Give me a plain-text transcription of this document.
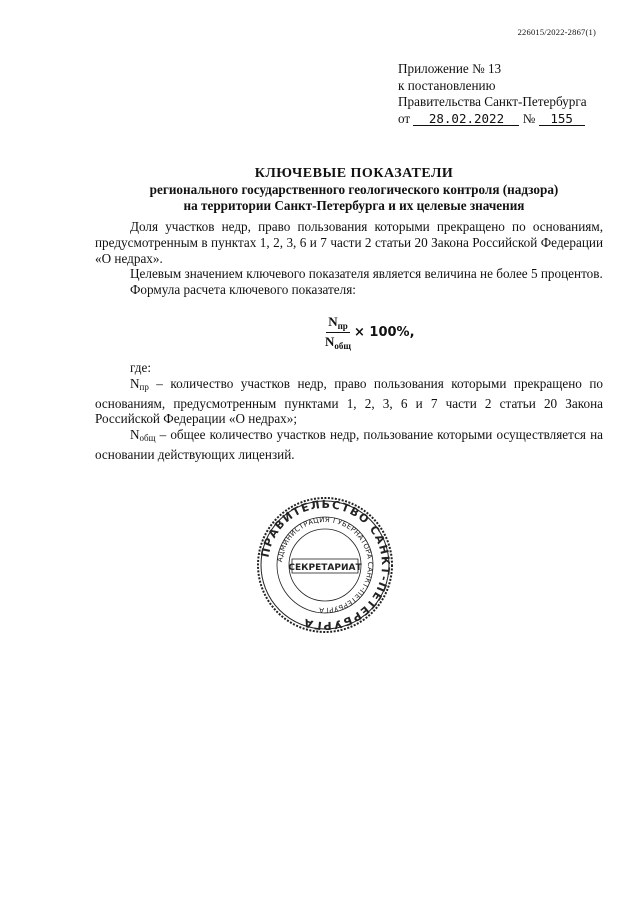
226015/2022-2867(1)
Приложение № 13
к постановлению
Правительства Санкт-Петербурга
от 28.02.2022 № 155
КЛЮЧЕВЫЕ ПОКАЗАТЕЛИ
регионального государственного геологического контроля (надзора)
на территории Санкт-Петербурга и их целевые значения

Доля участков недр, право пользования которыми прекращено по основаниям, предусмотренным в пунктах 1, 2, 3, 6 и 7 части 2 статьи 20 Закона Российской Федерации «О недрах».

Целевым значением ключевого показателя является величина не более 5 процентов.

Формула расчета ключевого показателя:

$\frac{N_{пр}}{N_{общ}} \times 100\%$,

где:

$N_{пр}$ – количество участков недр, право пользования которыми прекращено по основаниям, предусмотренным пунктами 1, 2, 3, 6 и 7 части 2 статьи 20 Закона Российской Федерации «О недрах»;

$N_{общ}$ – общее количество участков недр, пользование которыми осуществляется на основании действующих лицензий.

ПРАВИТЕЛЬСТВО САНКТ-ПЕТЕРБУРГА
АДМИНИСТРАЦИЯ ГУБЕРНАТОРА САНКТ-ПЕТЕРБУРГА
СЕКРЕТАРИАТ
